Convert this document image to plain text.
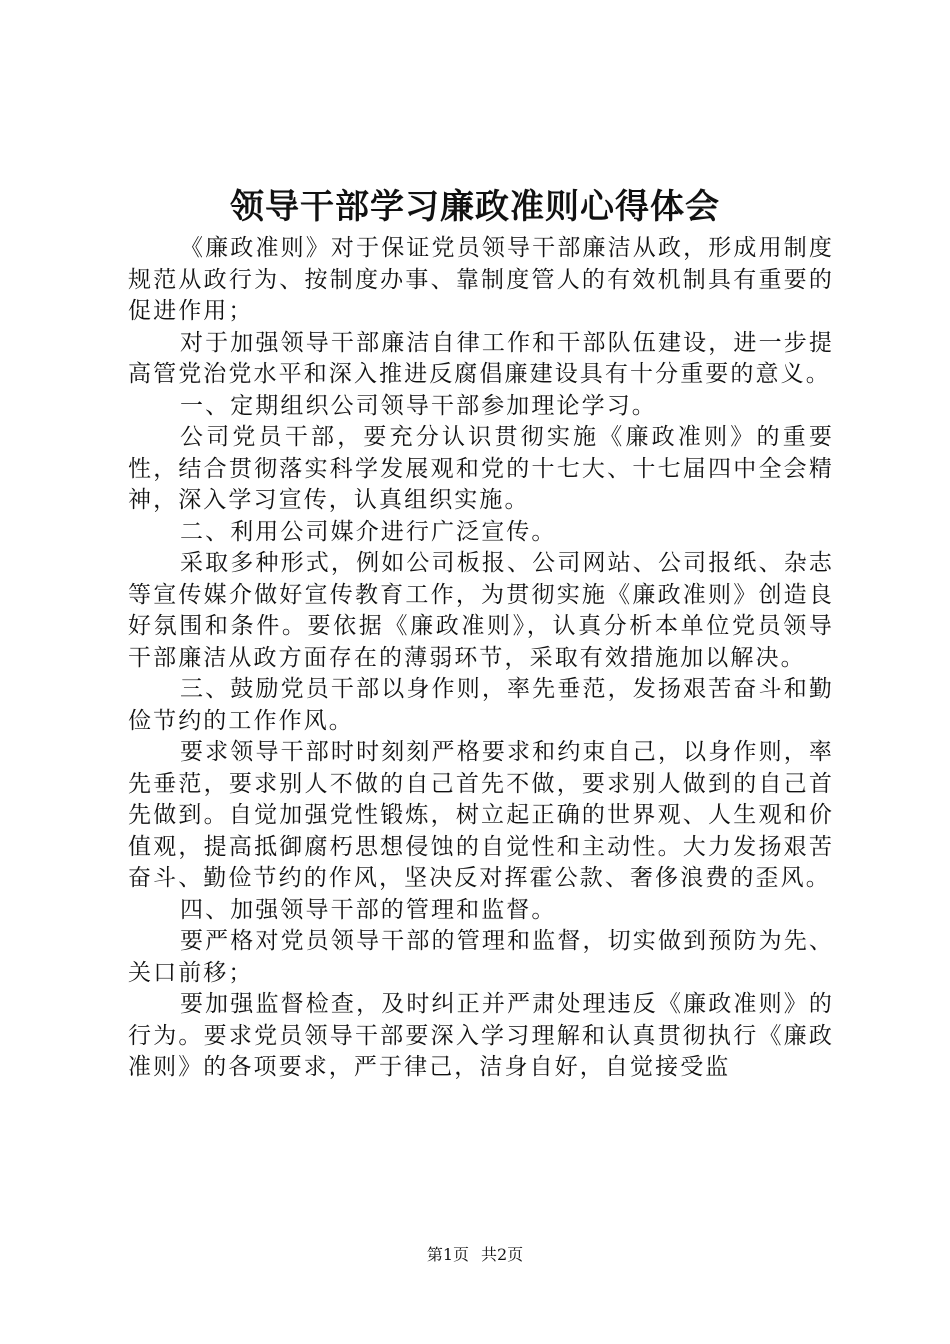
领导干部学习廉政准则心得体会

《廉政准则》对于保证党员领导干部廉洁从政，形成用制度规范从政行为、按制度办事、靠制度管人的有效机制具有重要的促进作用；

对于加强领导干部廉洁自律工作和干部队伍建设，进一步提高管党治党水平和深入推进反腐倡廉建设具有十分重要的意义。

一、定期组织公司领导干部参加理论学习。

公司党员干部，要充分认识贯彻实施《廉政准则》的重要性，结合贯彻落实科学发展观和党的十七大、十七届四中全会精神，深入学习宣传，认真组织实施。

二、利用公司媒介进行广泛宣传。

采取多种形式，例如公司板报、公司网站、公司报纸、杂志等宣传媒介做好宣传教育工作，为贯彻实施《廉政准则》创造良好氛围和条件。要依据《廉政准则》，认真分析本单位党员领导干部廉洁从政方面存在的薄弱环节，采取有效措施加以解决。

三、鼓励党员干部以身作则，率先垂范，发扬艰苦奋斗和勤俭节约的工作作风。

要求领导干部时时刻刻严格要求和约束自己，以身作则，率先垂范，要求别人不做的自己首先不做，要求别人做到的自己首先做到。自觉加强党性锻炼，树立起正确的世界观、人生观和价值观，提高抵御腐朽思想侵蚀的自觉性和主动性。大力发扬艰苦奋斗、勤俭节约的作风，坚决反对挥霍公款、奢侈浪费的歪风。

四、加强领导干部的管理和监督。

要严格对党员领导干部的管理和监督，切实做到预防为先、关口前移；

要加强监督检查，及时纠正并严肃处理违反《廉政准则》的行为。要求党员领导干部要深入学习理解和认真贯彻执行《廉政准则》的各项要求，严于律己，洁身自好，自觉接受监

第1页 共2页
